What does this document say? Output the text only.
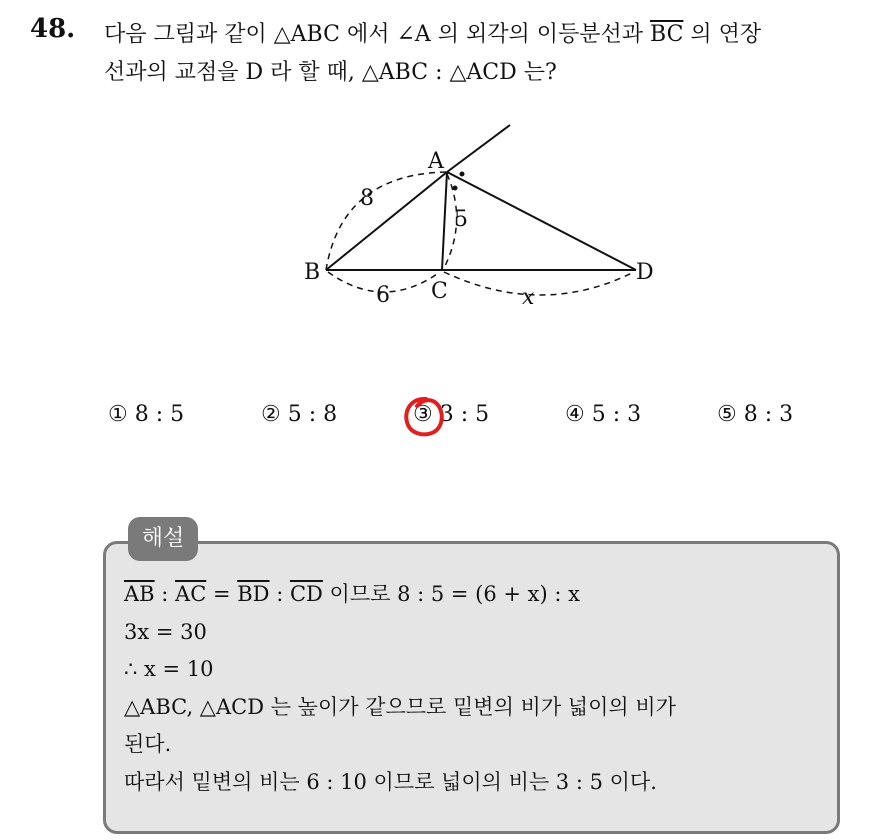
48. 다음 그림과 같이 △ABC 에서 ∠A 의 외각의 이등분선과 $\overline{BC}$ 의 연장
선과의 교점을 D 라 할 때, △ABC : △ACD 는?
A
B
C
D
8
5
6	x
① 8 : 5	② 5 : 8	③ 3 : 5	④ 5 : 3	⑤ 8 : 3
해설
$\overline{AB}$ : $\overline{AC} = \overline{BD}$ : $\overline{CD}$ 이므로 8 : 5 = (6 + x) : x
3x = 30
∴ x = 10
△ABC, △ACD 는 높이가 같으므로 밑변의 비가 넓이의 비가
된다.
따라서 밑변의 비는 6 : 10 이므로 넓이의 비는 3 : 5 이다.
